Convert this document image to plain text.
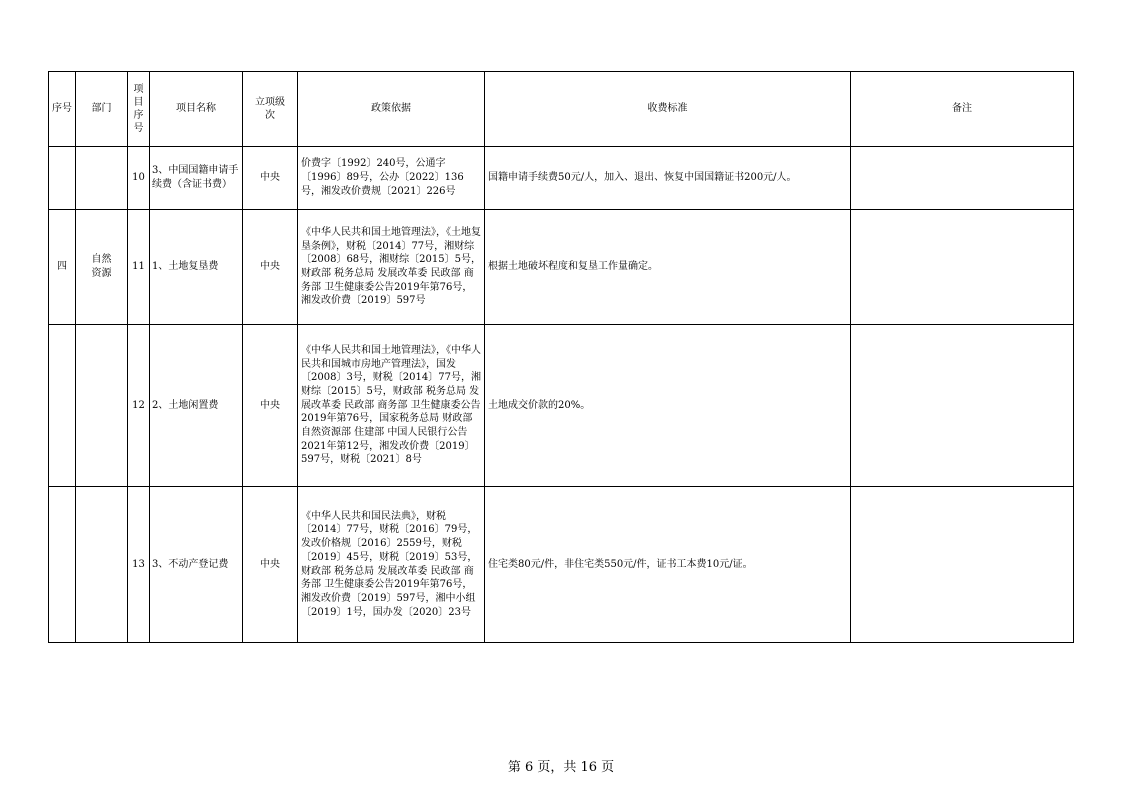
序号	部门	项目序号	项目名称	立项级次	政策依据	收费标准	备注
		10	3、中国国籍申请手续费（含证书费）	中央	价费字〔1992〕240号，公通字〔1996〕89号，公办〔2022〕136号，湘发改价费规〔2021〕226号	国籍申请手续费50元/人，加入、退出、恢复中国国籍证书200元/人。	
四	自然资源	11	1、土地复垦费	中央	《中华人民共和国土地管理法》，《土地复垦条例》，财税〔2014〕77号，湘财综〔2008〕68号，湘财综〔2015〕5号，财政部 税务总局 发展改革委 民政部 商务部 卫生健康委公告2019年第76号，湘发改价费〔2019〕597号	根据土地破坏程度和复垦工作量确定。	
		12	2、土地闲置费	中央	《中华人民共和国土地管理法》，《中华人民共和国城市房地产管理法》，国发〔2008〕3号，财税〔2014〕77号，湘财综〔2015〕5号，财政部 税务总局 发展改革委 民政部 商务部 卫生健康委公告2019年第76号，国家税务总局 财政部 自然资源部 住建部 中国人民银行公告2021年第12号，湘发改价费〔2019〕597号，财税〔2021〕8号	土地成交价款的20%。	
		13	3、不动产登记费	中央	《中华人民共和国民法典》，财税〔2014〕77号，财税〔2016〕79号，发改价格规〔2016〕2559号，财税〔2019〕45号，财税〔2019〕53号，财政部 税务总局 发展改革委 民政部 商务部 卫生健康委公告2019年第76号，湘发改价费〔2019〕597号，湘中小组〔2019〕1号，国办发〔2020〕23号	住宅类80元/件，非住宅类550元/件，证书工本费10元/证。	
第 6 页，共 16 页
